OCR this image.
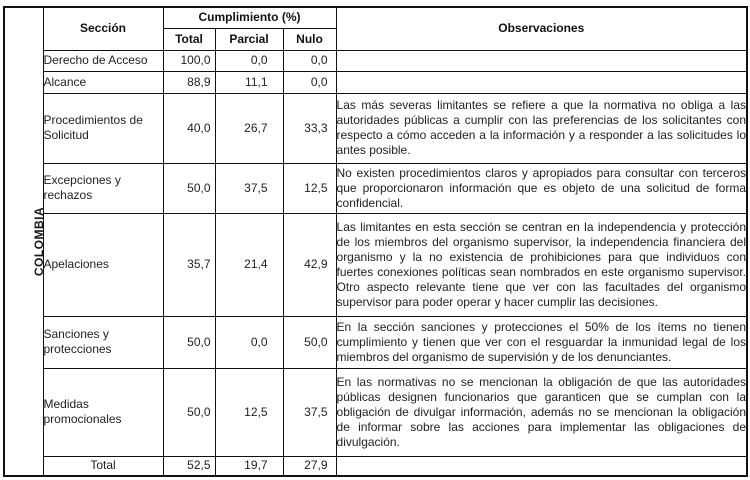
COLOMBIA	Sección	Cumplimiento (%)			Observaciones
		Total	Parcial	Nulo	
	Derecho de Acceso	100,0	0,0	0,0	
	Alcance	88,9	11,1	0,0	
	Procedimientos de Solicitud	40,0	26,7	33,3	Las más severas limitantes se refiere a que la normativa no obliga a las autoridades públicas a cumplir con las preferencias de los solicitantes con respecto a cómo acceden a la información y a responder a las solicitudes lo antes posible.
	Excepciones y rechazos	50,0	37,5	12,5	No existen procedimientos claros y apropiados para consultar con terceros que proporcionaron información que es objeto de una solicitud de forma confidencial.
	Apelaciones	35,7	21,4	42,9	Las limitantes en esta sección se centran en la independencia y protección de los miembros del organismo supervisor, la independencia financiera del organismo y la no existencia de prohibiciones para que individuos con fuertes conexiones políticas sean nombrados en este organismo supervisor. Otro aspecto relevante tiene que ver con las facultades del organismo supervisor para poder operar y hacer cumplir las decisiones.
	Sanciones y protecciones	50,0	0,0	50,0	En la sección sanciones y protecciones el 50% de los ítems no tienen cumplimiento y tienen que ver con el resguardar la inmunidad legal de los miembros del organismo de supervisión y de los denunciantes.
	Medidas promocionales	50,0	12,5	37,5	En las normativas no se mencionan la obligación de que las autoridades públicas designen funcionarios que garanticen que se cumplan con la obligación de divulgar información, además no se mencionan la obligación de informar sobre las acciones para implementar las obligaciones de divulgación.
	Total	52,5	19,7	27,9	
